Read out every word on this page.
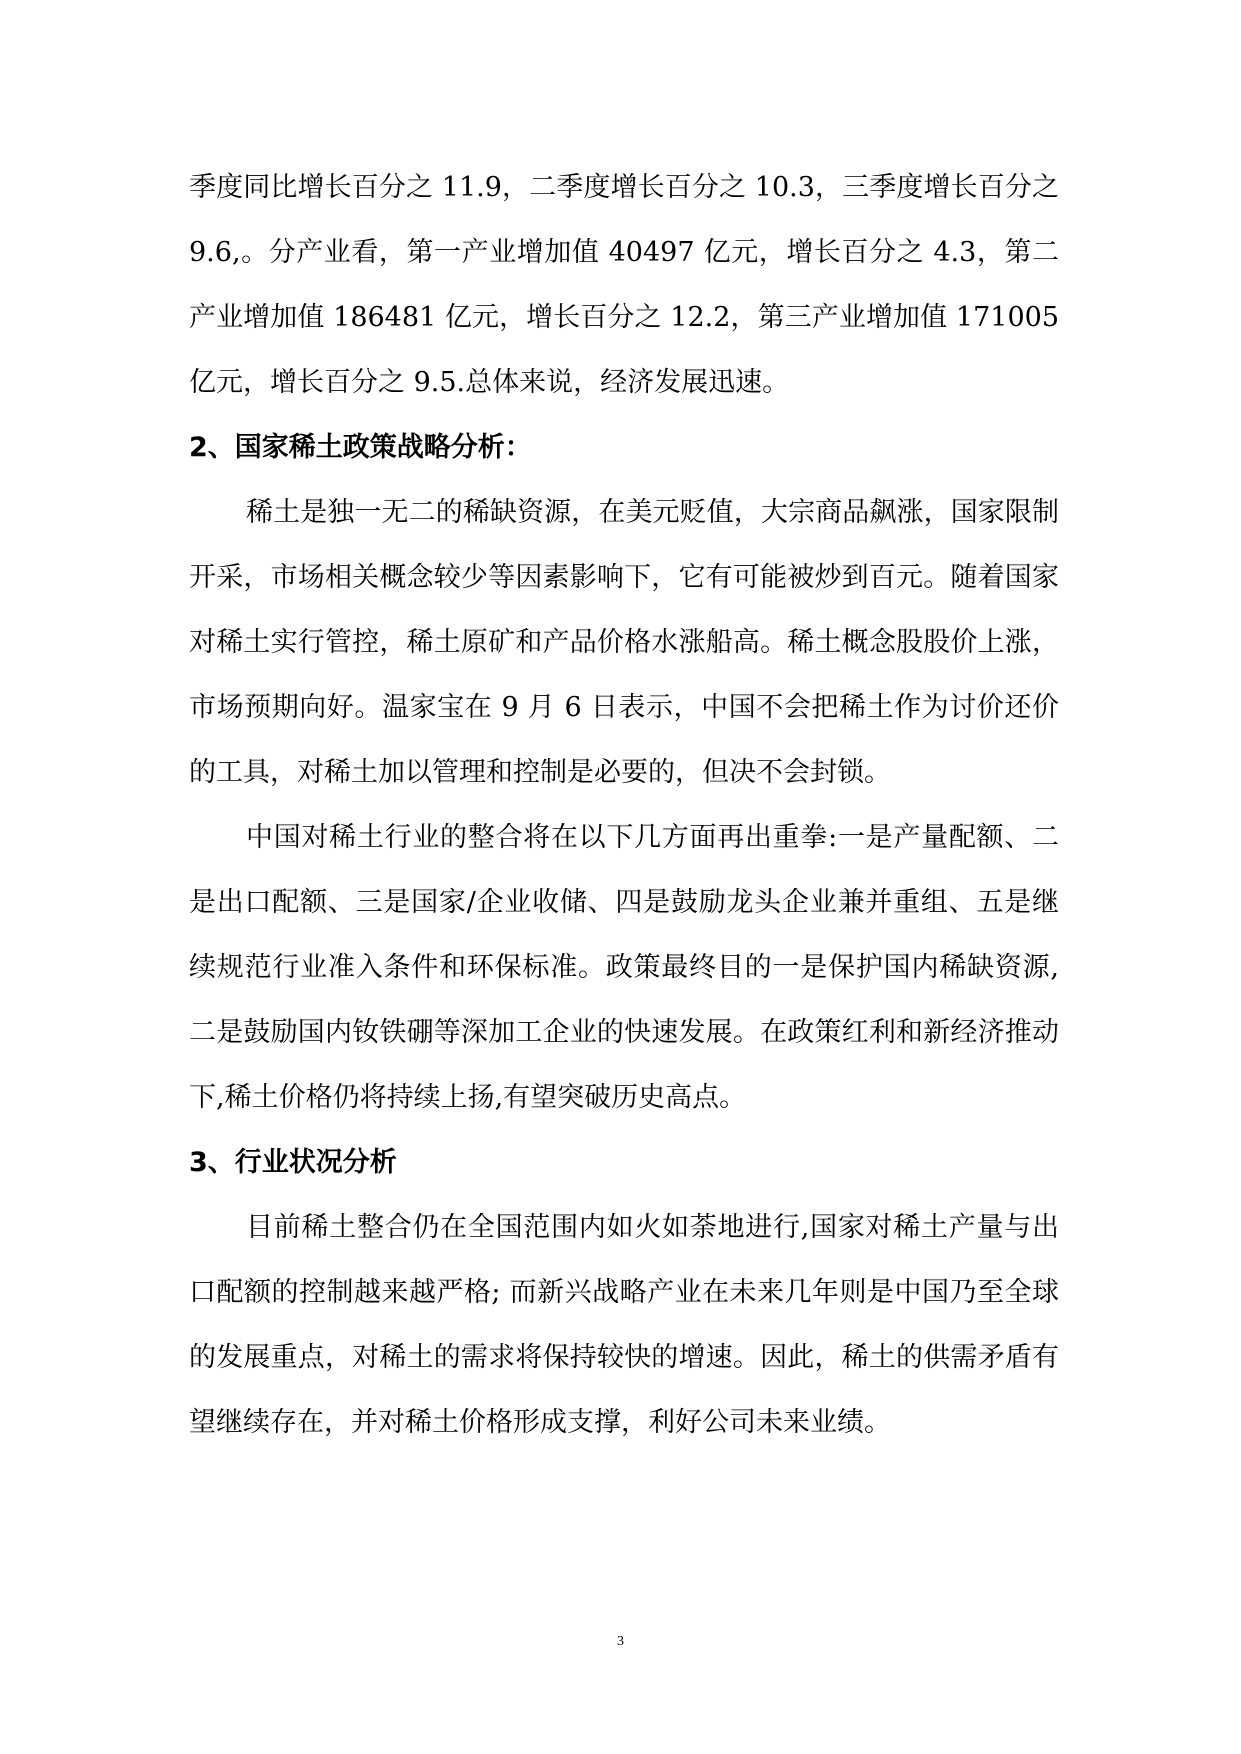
季度同比增长百分之 11.9，二季度增长百分之 10.3，三季度增长百分之 9.6,。分产业看，第一产业增加值 40497 亿元，增长百分之 4.3，第二产业增加值 186481 亿元，增长百分之 12.2，第三产业增加值 171005 亿元，增长百分之 9.5.总体来说，经济发展迅速。

2、国家稀土政策战略分析：

稀土是独一无二的稀缺资源，在美元贬值，大宗商品飙涨，国家限制开采，市场相关概念较少等因素影响下，它有可能被炒到百元。随着国家对稀土实行管控，稀土原矿和产品价格水涨船高。稀土概念股股价上涨，市场预期向好。温家宝在 9 月 6 日表示，中国不会把稀土作为讨价还价的工具，对稀土加以管理和控制是必要的，但决不会封锁。

中国对稀土行业的整合将在以下几方面再出重拳:一是产量配额、二是出口配额、三是国家/企业收储、四是鼓励龙头企业兼并重组、五是继续规范行业准入条件和环保标准。政策最终目的一是保护国内稀缺资源,二是鼓励国内钕铁硼等深加工企业的快速发展。在政策红利和新经济推动下,稀土价格仍将持续上扬,有望突破历史高点。

3、行业状况分析

目前稀土整合仍在全国范围内如火如荼地进行,国家对稀土产量与出口配额的控制越来越严格; 而新兴战略产业在未来几年则是中国乃至全球的发展重点，对稀土的需求将保持较快的增速。因此，稀土的供需矛盾有望继续存在，并对稀土价格形成支撑，利好公司未来业绩。

3
